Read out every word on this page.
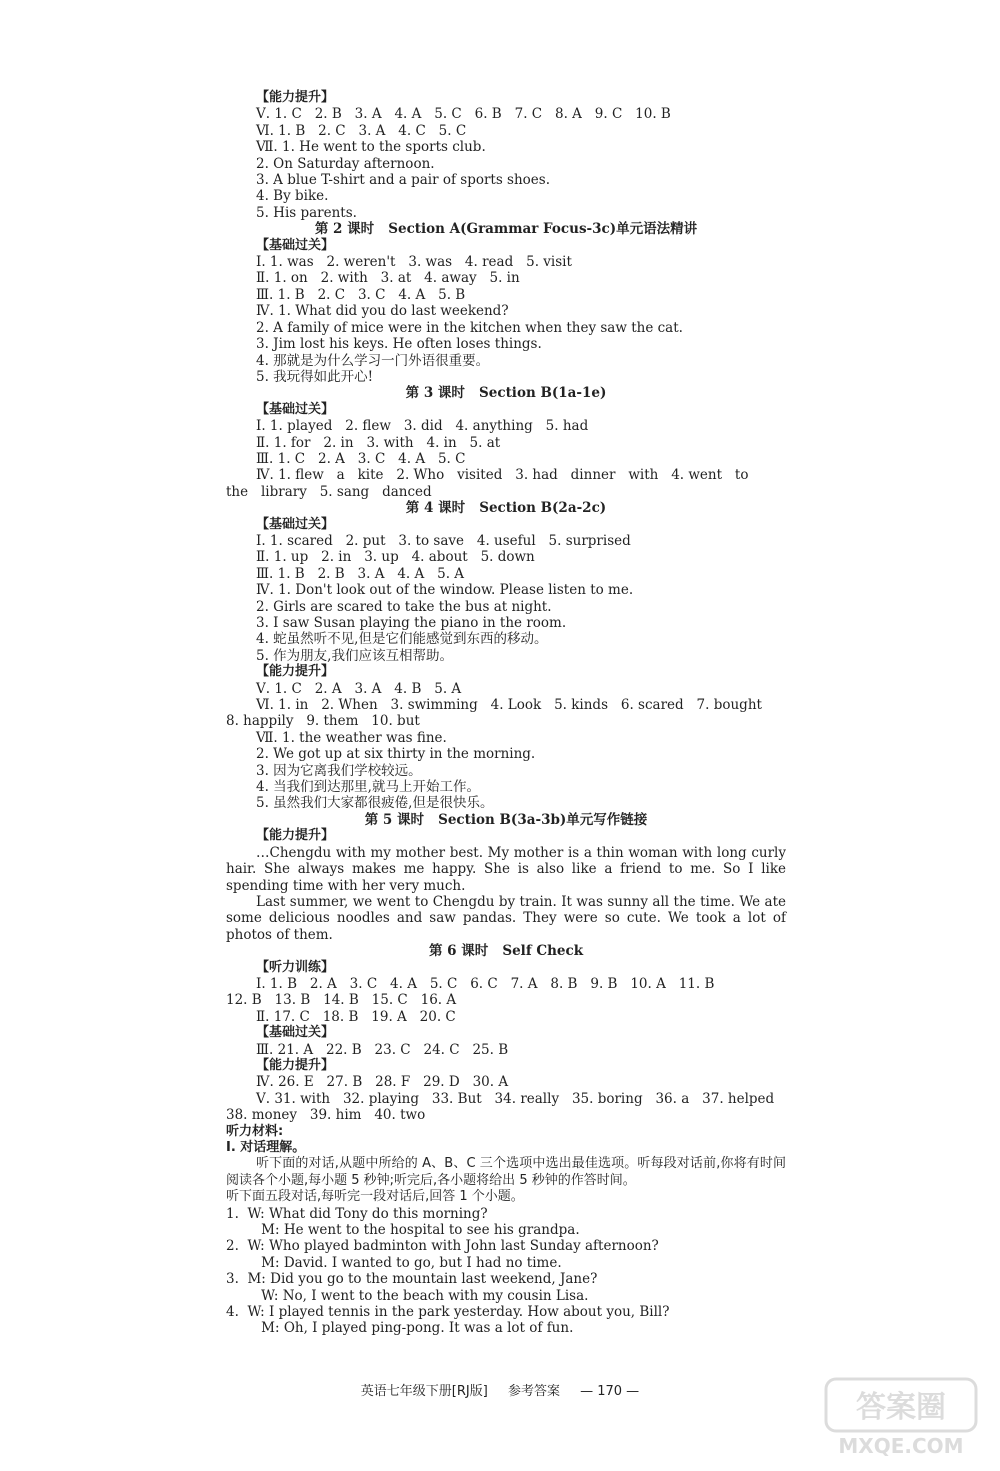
【能力提升】
Ⅴ. 1. C   2. B   3. A   4. A   5. C   6. B   7. C   8. A   9. C   10. B
Ⅵ. 1. B   2. C   3. A   4. C   5. C
Ⅶ. 1. He went to the sports club.
2. On Saturday afternoon.
3. A blue T-shirt and a pair of sports shoes.
4. By bike.
5. His parents.
第 2 课时   Section A(Grammar Focus-3c)单元语法精讲
【基础过关】
Ⅰ. 1. was   2. weren't   3. was   4. read   5. visit
Ⅱ. 1. on   2. with   3. at   4. away   5. in
Ⅲ. 1. B   2. C   3. C   4. A   5. B
Ⅳ. 1. What did you do last weekend?
2. A family of mice were in the kitchen when they saw the cat.
3. Jim lost his keys. He often loses things.
4. 那就是为什么学习一门外语很重要。
5. 我玩得如此开心!
第 3 课时   Section B(1a-1e)
【基础过关】
Ⅰ. 1. played   2. flew   3. did   4. anything   5. had
Ⅱ. 1. for   2. in   3. with   4. in   5. at
Ⅲ. 1. C   2. A   3. C   4. A   5. C
Ⅳ. 1. flew   a   kite   2. Who   visited   3. had   dinner   with   4. went   to
the   library   5. sang   danced
第 4 课时   Section B(2a-2c)
【基础过关】
Ⅰ. 1. scared   2. put   3. to save   4. useful   5. surprised
Ⅱ. 1. up   2. in   3. up   4. about   5. down
Ⅲ. 1. B   2. B   3. A   4. A   5. A
Ⅳ. 1. Don't look out of the window. Please listen to me.
2. Girls are scared to take the bus at night.
3. I saw Susan playing the piano in the room.
4. 蛇虽然听不见,但是它们能感觉到东西的移动。
5. 作为朋友,我们应该互相帮助。
【能力提升】
Ⅴ. 1. C   2. A   3. A   4. B   5. A
Ⅵ. 1. in   2. When   3. swimming   4. Look   5. kinds   6. scared   7. bought
8. happily   9. them   10. but
Ⅶ. 1. the weather was fine.
2. We got up at six thirty in the morning.
3. 因为它离我们学校较远。
4. 当我们到达那里,就马上开始工作。
5. 虽然我们大家都很疲倦,但是很快乐。
第 5 课时   Section B(3a-3b)单元写作链接
【能力提升】
…Chengdu with my mother best. My mother is a thin woman with long curly hair. She always makes me happy. She is also like a friend to me. So I like spending time with her very much.
Last summer, we went to Chengdu by train. It was sunny all the time. We ate some delicious noodles and saw pandas. They were so cute. We took a lot of photos of them.
第 6 课时   Self Check
【听力训练】
Ⅰ. 1. B   2. A   3. C   4. A   5. C   6. C   7. A   8. B   9. B   10. A   11. B
12. B   13. B   14. B   15. C   16. A
Ⅱ. 17. C   18. B   19. A   20. C
【基础过关】
Ⅲ. 21. A   22. B   23. C   24. C   25. B
【能力提升】
Ⅳ. 26. E   27. B   28. F   29. D   30. A
Ⅴ. 31. with   32. playing   33. But   34. really   35. boring   36. a   37. helped
38. money   39. him   40. two
听力材料:
Ⅰ. 对话理解。
听下面的对话,从题中所给的 A、B、C 三个选项中选出最佳选项。听每段对话前,你将有时间阅读各个小题,每小题 5 秒钟;听完后,各小题将给出 5 秒钟的作答时间。
听下面五段对话,每听完一段对话后,回答 1 个小题。
1.  W: What did Tony do this morning?
M: He went to the hospital to see his grandpa.
2.  W: Who played badminton with John last Sunday afternoon?
M: David. I wanted to go, but I had no time.
3.  M: Did you go to the mountain last weekend, Jane?
W: No, I went to the beach with my cousin Lisa.
4.  W: I played tennis in the park yesterday. How about you, Bill?
M: Oh, I played ping-pong. It was a lot of fun.
英语七年级下册[RJ版] 参考答案 — 170 —	答案圈
MXQE.COM
